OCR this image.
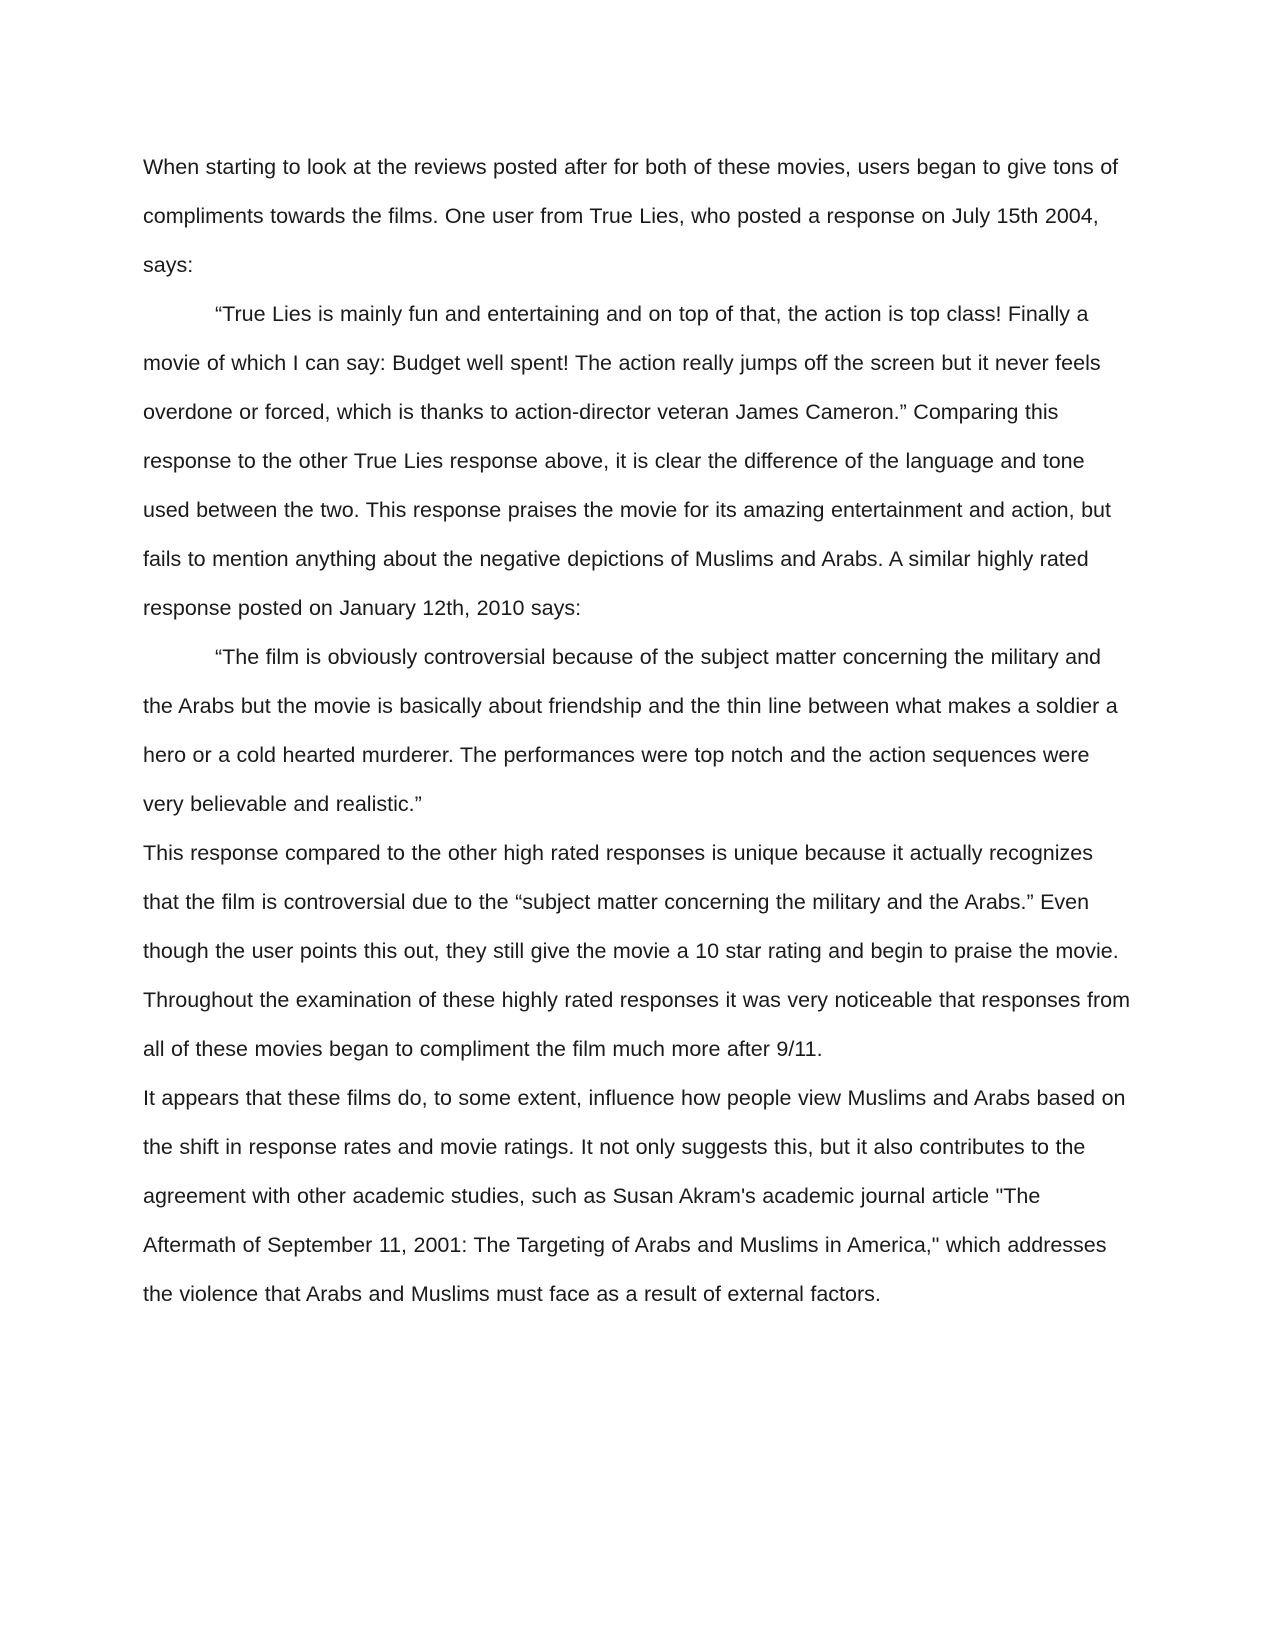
When starting to look at the reviews posted after for both of these movies, users began to give tons of compliments towards the films. One user from True Lies, who posted a response on July 15th 2004, says:

“True Lies is mainly fun and entertaining and on top of that, the action is top class! Finally a movie of which I can say: Budget well spent! The action really jumps off the screen but it never feels overdone or forced, which is thanks to action-director veteran James Cameron.” Comparing this response to the other True Lies response above, it is clear the difference of the language and tone used between the two. This response praises the movie for its amazing entertainment and action, but fails to mention anything about the negative depictions of Muslims and Arabs. A similar highly rated response posted on January 12th, 2010 says:

“The film is obviously controversial because of the subject matter concerning the military and the Arabs but the movie is basically about friendship and the thin line between what makes a soldier a hero or a cold hearted murderer. The performances were top notch and the action sequences were very believable and realistic.”

This response compared to the other high rated responses is unique because it actually recognizes that the film is controversial due to the “subject matter concerning the military and the Arabs.” Even though the user points this out, they still give the movie a 10 star rating and begin to praise the movie. Throughout the examination of these highly rated responses it was very noticeable that responses from all of these movies began to compliment the film much more after 9/11.

It appears that these films do, to some extent, influence how people view Muslims and Arabs based on the shift in response rates and movie ratings. It not only suggests this, but it also contributes to the agreement with other academic studies, such as Susan Akram's academic journal article "The Aftermath of September 11, 2001: The Targeting of Arabs and Muslims in America," which addresses the violence that Arabs and Muslims must face as a result of external factors.
